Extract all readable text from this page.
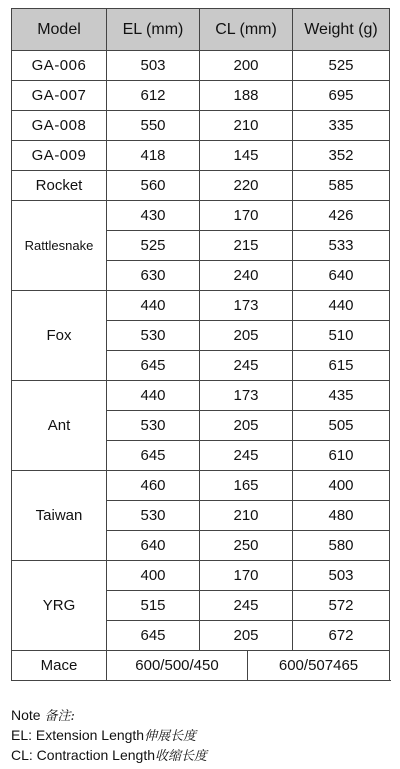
Model	EL (mm)	CL (mm)	Weight (g)
GA-006	503	200	525
GA-007	612	188	695
GA-008	550	210	335
GA-009	418	145	352
Rocket	560	220	585
Rattlesnake	430	170	426
	525	215	533
	630	240	640
Fox	440	173	440
	530	205	510
	645	245	615
Ant	440	173	435
	530	205	505
	645	245	610
Taiwan	460	165	400
	530	210	480
	640	250	580
YRG	400	170	503
	515	245	572
	645	205	672
Mace	600/500/450 600/507465		
Note 备注:
EL: Extension Length伸展长度
CL: Contraction Length收缩长度
